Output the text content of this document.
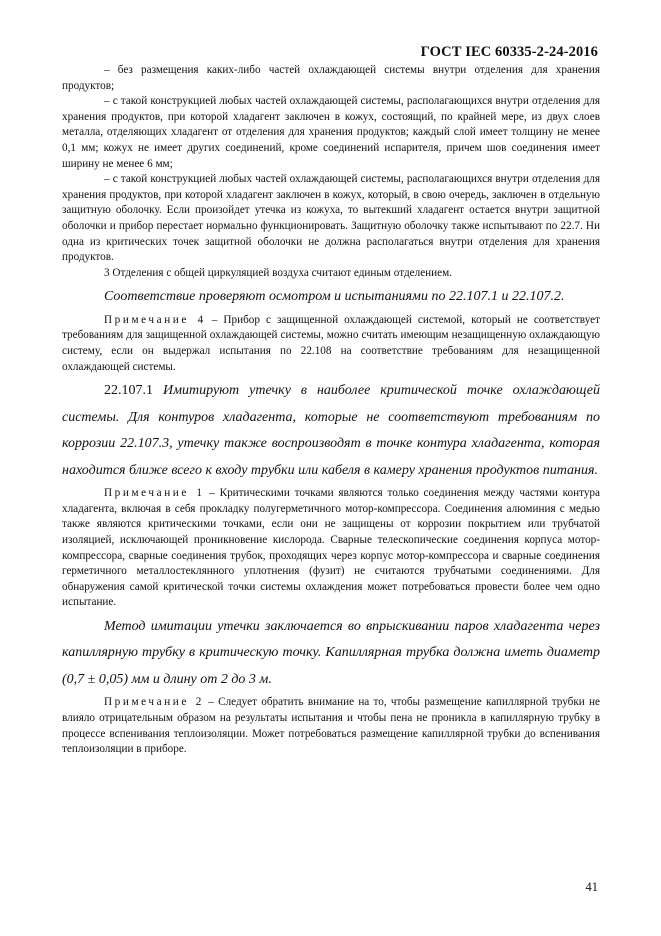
ГОСТ IEC 60335-2-24-2016

– без размещения каких-либо частей охлаждающей системы внутри отделения для хранения продуктов;

– с такой конструкцией любых частей охлаждающей системы, располагающихся внутри отделения для хранения продуктов, при которой хладагент заключен в кожух, состоящий, по крайней мере, из двух слоев металла, отделяющих хладагент от отделения для хранения продуктов; каждый слой имеет толщину не менее 0,1 мм; кожух не имеет других соединений, кроме соединений испарителя, причем шов соединения имеет ширину не менее 6 мм;

– с такой конструкцией любых частей охлаждающей системы, располагающихся внутри отделения для хранения продуктов, при которой хладагент заключен в кожух, который, в свою очередь, заключен в отдельную защитную оболочку. Если произойдет утечка из кожуха, то вытекший хладагент остается внутри защитной оболочки и прибор перестает нормально функционировать. Защитную оболочку также испытывают по 22.7. Ни одна из критических точек защитной оболочки не должна располагаться внутри отделения для хранения продуктов.

3 Отделения с общей циркуляцией воздуха считают единым отделением.

Соответствие проверяют осмотром и испытаниями по 22.107.1 и 22.107.2.

Примечание 4 – Прибор с защищенной охлаждающей системой, который не соответствует требованиям для защищенной охлаждающей системы, можно считать имеющим незащищенную охлаждающую систему, если он выдержал испытания по 22.108 на соответствие требованиям для незащищенной охлаждающей системы.

22.107.1 Имитируют утечку в наиболее критической точке охлаждающей системы. Для контуров хладагента, которые не соответствуют требованиям по коррозии 22.107.3, утечку также воспроизводят в точке контура хладагента, которая находится ближе всего к входу трубки или кабеля в камеру хранения продуктов питания.

Примечание 1 – Критическими точками являются только соединения между частями контура хладагента, включая в себя прокладку полугерметичного мотор-компрессора. Соединения алюминия с медью также являются критическими точками, если они не защищены от коррозии покрытием или трубчатой изоляцией, исключающей проникновение кислорода. Сварные телескопические соединения корпуса мотор-компрессора, сварные соединения трубок, проходящих через корпус мотор-компрессора и сварные соединения герметичного металлостеклянного уплотнения (фузит) не считаются трубчатыми соединениями. Для обнаружения самой критической точки системы охлаждения может потребоваться провести более чем одно испытание.

Метод имитации утечки заключается во впрыскивании паров хладагента через капиллярную трубку в критическую точку. Капиллярная трубка должна иметь диаметр (0,7 ± 0,05) мм и длину от 2 до 3 м.

Примечание 2 – Следует обратить внимание на то, чтобы размещение капиллярной трубки не влияло отрицательным образом на результаты испытания и чтобы пена не проникла в капиллярную трубку в процессе вспенивания теплоизоляции. Может потребоваться размещение капиллярной трубки до вспенивания теплоизоляции в приборе.

41
